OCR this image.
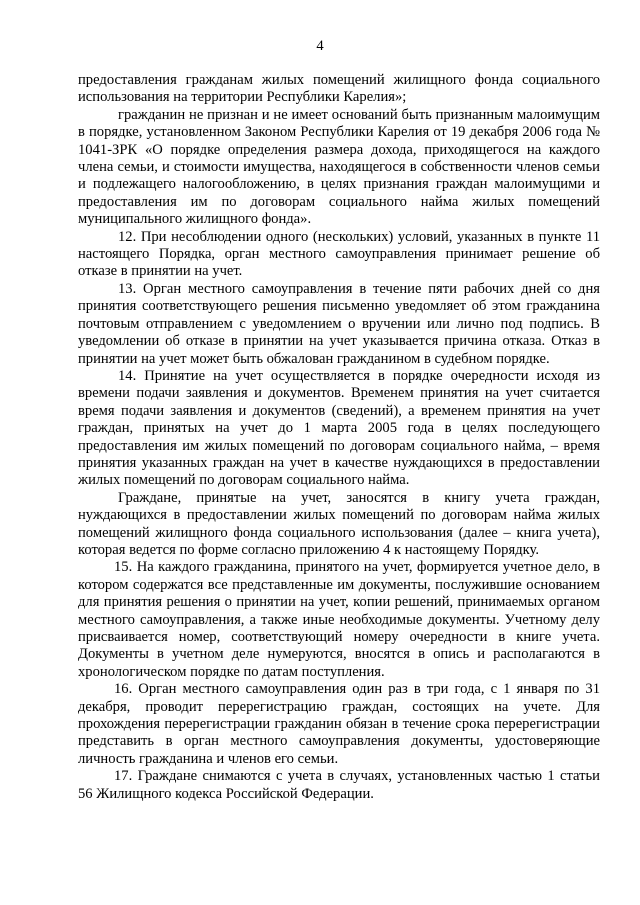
4

предоставления гражданам жилых помещений жилищного фонда социального использования на территории Республики Карелия»;

гражданин не признан и не имеет оснований быть признанным малоимущим в порядке, установленном Законом Республики Карелия от 19 декабря 2006 года № 1041-ЗРК «О порядке определения размера дохода, приходящегося на каждого члена семьи, и стоимости имущества, находящегося в собственности членов семьи и подлежащего налогообложению, в целях признания граждан малоимущими и предоставления им по договорам социального найма жилых помещений муниципального жилищного фонда».

12. При несоблюдении одного (нескольких) условий, указанных в пункте 11 настоящего Порядка, орган местного самоуправления принимает решение об отказе в принятии на учет.

13. Орган местного самоуправления в течение пяти рабочих дней со дня принятия соответствующего решения письменно уведомляет об этом гражданина почтовым отправлением с уведомлением о вручении или лично под подпись. В уведомлении об отказе в принятии на учет указывается причина отказа. Отказ в принятии на учет может быть обжалован гражданином в судебном порядке.

14. Принятие на учет осуществляется в порядке очередности исходя из времени подачи заявления и документов. Временем принятия на учет считается время подачи заявления и документов (сведений), а временем принятия на учет граждан, принятых на учет до 1 марта 2005 года в целях последующего предоставления им жилых помещений по договорам социального найма, – время принятия указанных граждан на учет в качестве нуждающихся в предоставлении жилых помещений по договорам социального найма.

Граждане, принятые на учет, заносятся в книгу учета граждан, нуждающихся в предоставлении жилых помещений по договорам найма жилых помещений жилищного фонда социального использования (далее – книга учета), которая ведется по форме согласно приложению 4 к настоящему Порядку.

15. На каждого гражданина, принятого на учет, формируется учетное дело, в котором содержатся все представленные им документы, послужившие основанием для принятия решения о принятии на учет, копии решений, принимаемых органом местного самоуправления, а также иные необходимые документы. Учетному делу присваивается номер, соответствующий номеру очередности в книге учета. Документы в учетном деле нумеруются, вносятся в опись и располагаются в хронологическом порядке по датам поступления.

16. Орган местного самоуправления один раз в три года, с 1 января по 31 декабря, проводит перерегистрацию граждан, состоящих на учете. Для прохождения перерегистрации гражданин обязан в течение срока перерегистрации представить в орган местного самоуправления документы, удостоверяющие личность гражданина и членов его семьи.

17. Граждане снимаются с учета в случаях, установленных частью 1 статьи 56 Жилищного кодекса Российской Федерации.
